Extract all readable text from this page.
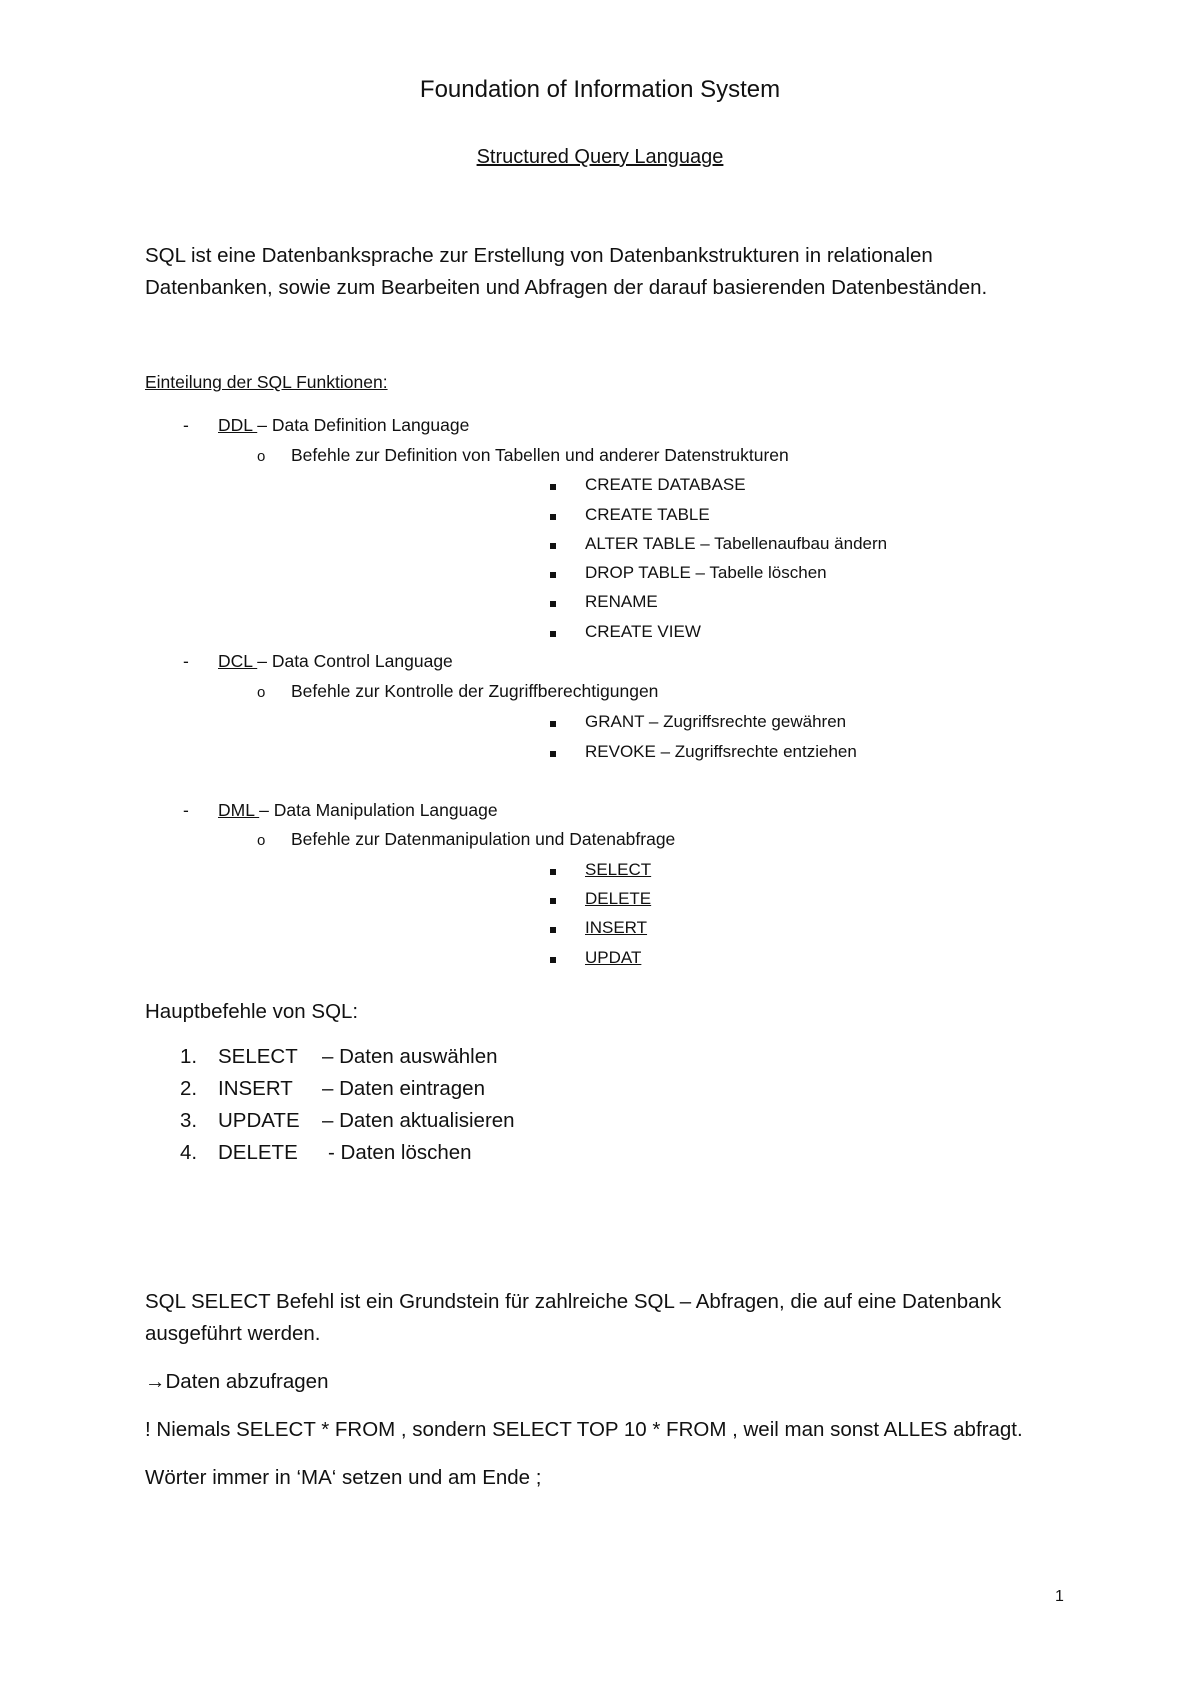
Foundation of Information System
Structured Query Language
SQL ist eine Datenbanksprache zur Erstellung von Datenbankstrukturen in relationalen
Datenbanken, sowie zum Bearbeiten und Abfragen der darauf basierenden Datenbeständen.
Einteilung der SQL Funktionen:
- DDL – Data Definition Language
o Befehle zur Definition von Tabellen und anderer Datenstrukturen
CREATE DATABASE
CREATE TABLE
ALTER TABLE – Tabellenaufbau ändern
DROP TABLE – Tabelle löschen
RENAME
CREATE VIEW
- DCL – Data Control Language
o Befehle zur Kontrolle der Zugriffberechtigungen
GRANT – Zugriffsrechte gewähren
REVOKE – Zugriffsrechte entziehen
- DML – Data Manipulation Language
o Befehle zur Datenmanipulation und Datenabfrage
SELECT
DELETE
INSERT
UPDAT
Hauptbefehle von SQL:
1. SELECT – Daten auswählen
2. INSERT – Daten eintragen
3. UPDATE – Daten aktualisieren
4. DELETE - Daten löschen
SQL SELECT Befehl ist ein Grundstein für zahlreiche SQL – Abfragen, die auf eine Datenbank
ausgeführt werden.
→Daten abzufragen
! Niemals SELECT * FROM , sondern SELECT TOP 10 * FROM , weil man sonst ALLES abfragt.
Wörter immer in ‘MA‘ setzen und am Ende ;
1
